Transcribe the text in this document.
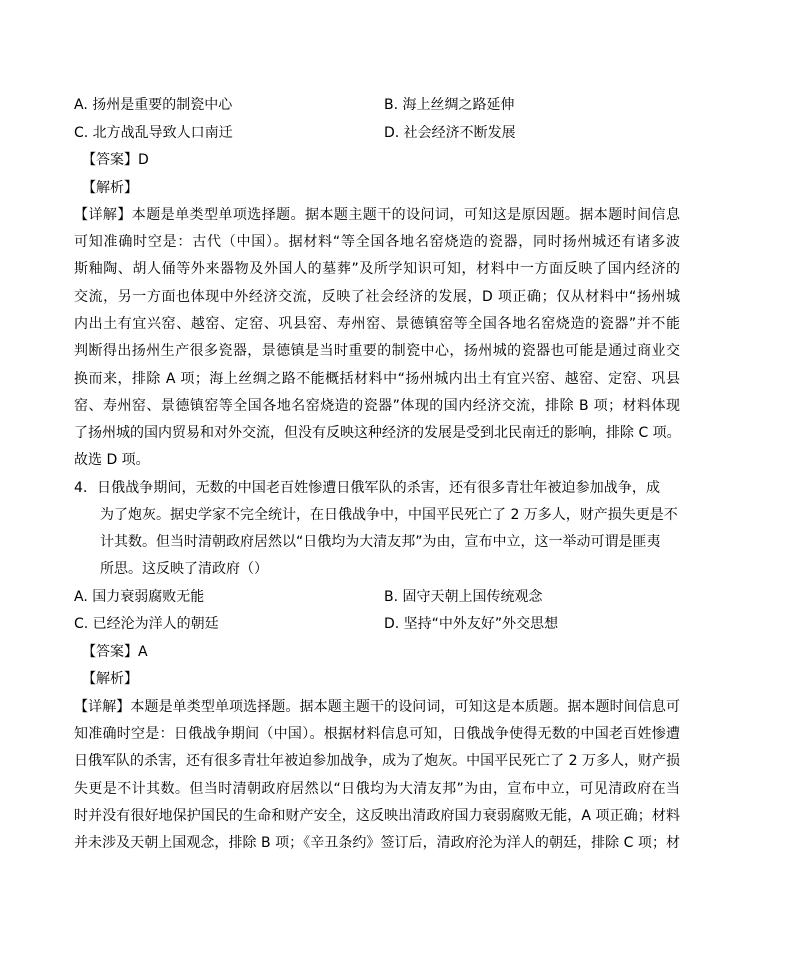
A. 扬州是重要的制瓷中心	B. 海上丝绸之路延伸
C. 北方战乱导致人口南迁	D. 社会经济不断发展
【答案】D
【解析】
【详解】本题是单类型单项选择题。据本题主题干的设问词，可知这是原因题。据本题时间信息
可知准确时空是：古代（中国）。据材料“等全国各地名窑烧造的瓷器，同时扬州城还有诸多波
斯釉陶、胡人俑等外来器物及外国人的墓葬”及所学知识可知，材料中一方面反映了国内经济的
交流，另一方面也体现中外经济交流，反映了社会经济的发展，D 项正确；仅从材料中“扬州城
内出土有宜兴窑、越窑、定窑、巩县窑、寿州窑、景德镇窑等全国各地名窑烧造的瓷器”并不能
判断得出扬州生产很多瓷器，景德镇是当时重要的制瓷中心，扬州城的瓷器也可能是通过商业交
换而来，排除 A 项；海上丝绸之路不能概括材料中“扬州城内出土有宜兴窑、越窑、定窑、巩县
窑、寿州窑、景德镇窑等全国各地名窑烧造的瓷器”体现的国内经济交流，排除 B 项；材料体现
了扬州城的国内贸易和对外交流，但没有反映这种经济的发展是受到北民南迁的影响，排除 C 项。
故选 D 项。
4．日俄战争期间，无数的中国老百姓惨遭日俄军队的杀害，还有很多青壮年被迫参加战争，成
为了炮灰。据史学家不完全统计，在日俄战争中，中国平民死亡了 2 万多人，财产损失更是不
计其数。但当时清朝政府居然以“日俄均为大清友邦”为由，宣布中立，这一举动可谓是匪夷
所思。这反映了清政府（）
A. 国力衰弱腐败无能	B. 固守天朝上国传统观念
C. 已经沦为洋人的朝廷	D. 坚持“中外友好”外交思想
【答案】A
【解析】
【详解】本题是单类型单项选择题。据本题主题干的设问词，可知这是本质题。据本题时间信息可
知准确时空是：日俄战争期间（中国）。根据材料信息可知，日俄战争使得无数的中国老百姓惨遭
日俄军队的杀害，还有很多青壮年被迫参加战争，成为了炮灰。中国平民死亡了 2 万多人，财产损
失更是不计其数。但当时清朝政府居然以“日俄均为大清友邦”为由，宣布中立，可见清政府在当
时并没有很好地保护国民的生命和财产安全，这反映出清政府国力衰弱腐败无能，A 项正确；材料
并未涉及天朝上国观念，排除 B 项；《辛丑条约》签订后，清政府沦为洋人的朝廷，排除 C 项；材
